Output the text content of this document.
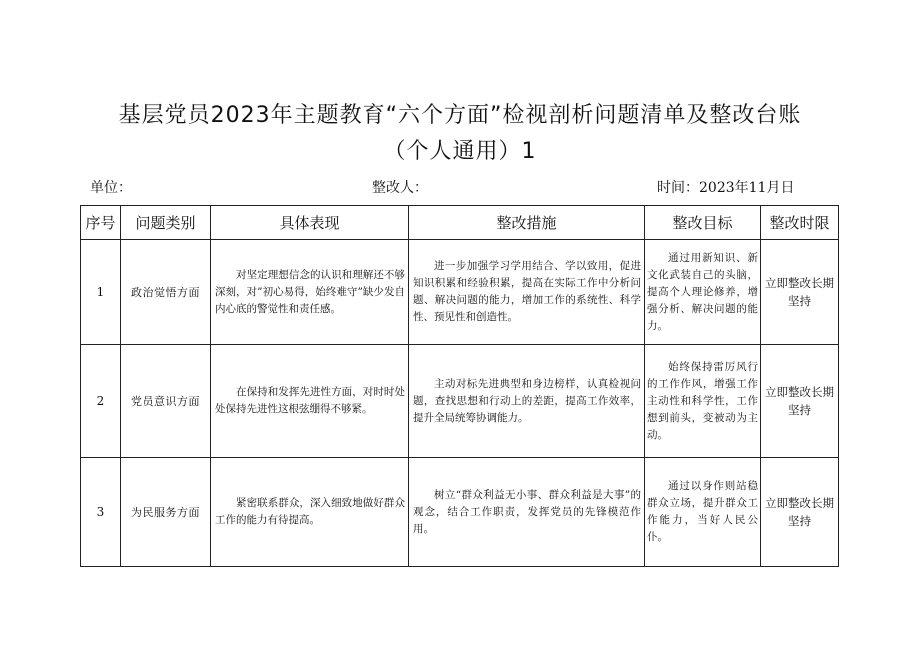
基层党员2023年主题教育“六个方面”检视剖析问题清单及整改台账
（个人通用）1
单位：	整改人：	时间：2023年11月日
序号	问题类别	具体表现	整改措施	整改目标	整改时限
1	政治觉悟方面	对坚定理想信念的认识和理解还不够深刻，对”初心易得，始终难守”缺少发自内心底的警觉性和责任感。	进一步加强学习学用结合、学以致用，促进知识积累和经验积累，提高在实际工作中分析问题、解决问题的能力，增加工作的系统性、科学性、预见性和创造性。	通过用新知识、新文化武装自己的头脑，提高个人理论修养，增强分析、解决问题的能力。	立即整改长期坚持

2	党员意识方面	在保持和发挥先进性方面，对时时处处保持先进性这根弦绷得不够紧。	主动对标先进典型和身边榜样，认真检视问题，查找思想和行动上的差距，提高工作效率，提升全局统筹协调能力。	始终保持雷厉风行的工作作风，增强工作主动性和科学性，工作想到前头，变被动为主动。	立即整改长期坚持

3	为民服务方面	紧密联系群众，深入细致地做好群众工作的能力有待提高。	树立“群众利益无小事、群众利益是大事”的观念，结合工作职责，发挥党员的先锋模范作用。	通过以身作则站稳群众立场，提升群众工作能力，当好人民公仆。	立即整改长期坚持
